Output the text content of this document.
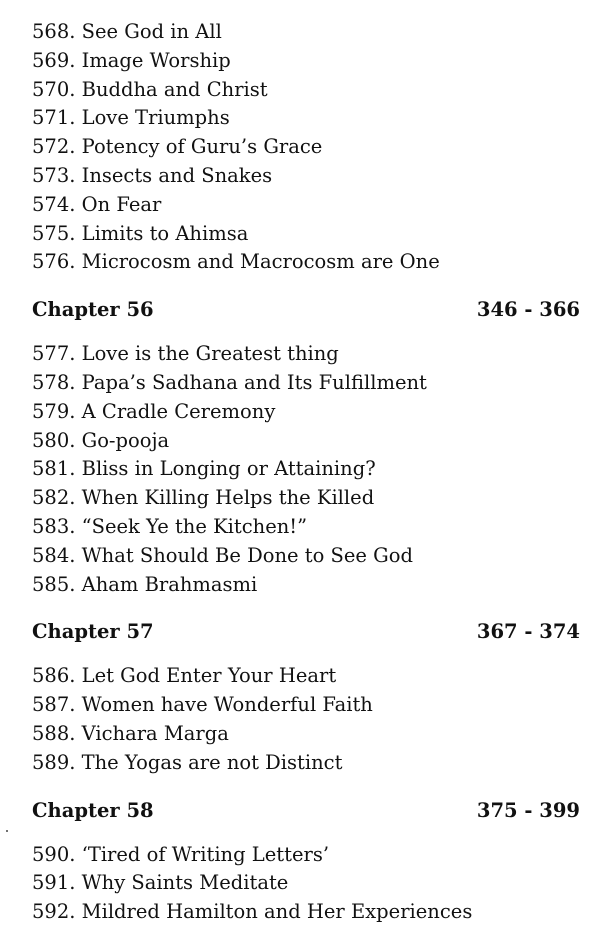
568. See God in All
569. Image Worship
570. Buddha and Christ
571. Love Triumphs
572. Potency of Guru’s Grace
573. Insects and Snakes
574. On Fear
575. Limits to Ahimsa
576. Microcosm and Macrocosm are One
Chapter 56	346 - 366
577. Love is the Greatest thing
578. Papa’s Sadhana and Its Fulfillment
579. A Cradle Ceremony
580. Go-pooja
581. Bliss in Longing or Attaining?
582. When Killing Helps the Killed
583. “Seek Ye the Kitchen!”
584. What Should Be Done to See God
585. Aham Brahmasmi
Chapter 57	367 - 374
586. Let God Enter Your Heart
587. Women have Wonderful Faith
588. Vichara Marga
589. The Yogas are not Distinct
Chapter 58	375 - 399
590. ‘Tired of Writing Letters’
591. Why Saints Meditate
592. Mildred Hamilton and Her Experiences
